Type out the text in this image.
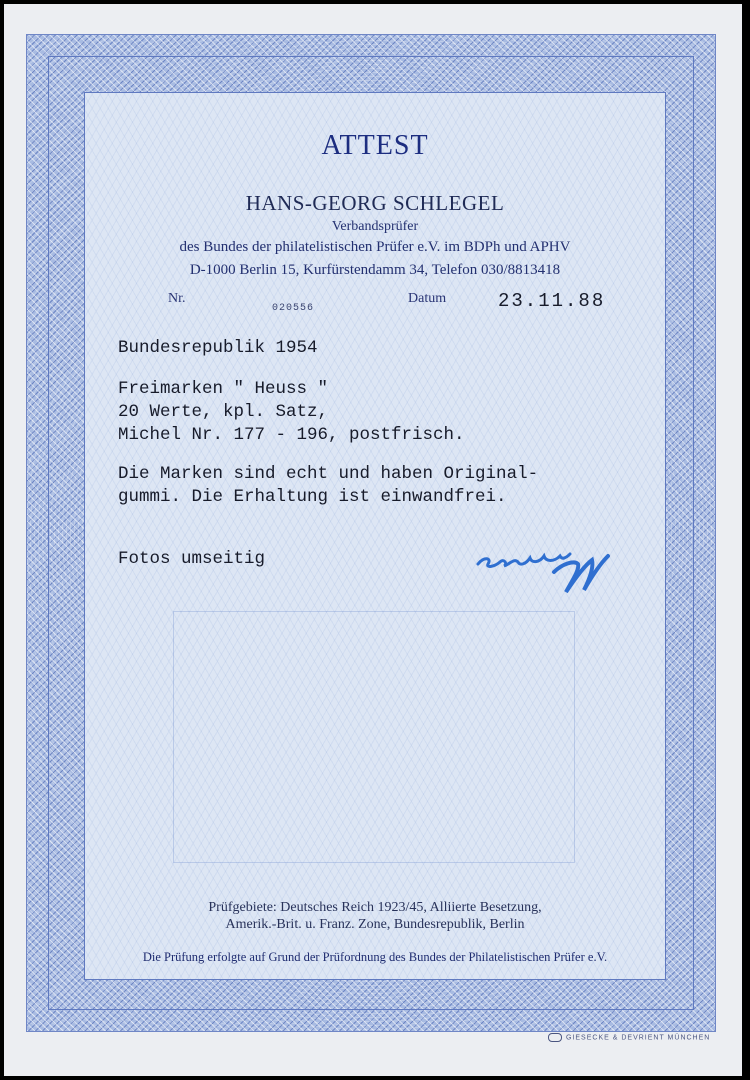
ATTEST
HANS-GEORG SCHLEGEL
Verbandsprüfer
des Bundes der philatelistischen Prüfer e.V. im BDPh und APHV
D-1000 Berlin 15, Kurfürstendamm 34, Telefon 030/8813418
Nr.
020556
Datum	23.11.88
Bundesrepublik 1954
Freimarken " Heuss "
20 Werte, kpl. Satz,
Michel Nr. 177 - 196, postfrisch.
Die Marken sind echt und haben Original-
gummi. Die Erhaltung ist einwandfrei.
Fotos umseitig
Prüfgebiete: Deutsches Reich 1923/45, Alliierte Besetzung,
Amerik.-Brit. u. Franz. Zone, Bundesrepublik, Berlin
Die Prüfung erfolgte auf Grund der Prüfordnung des Bundes der Philatelistischen Prüfer e.V.
GIESECKE & DEVRIENT MÜNCHEN
